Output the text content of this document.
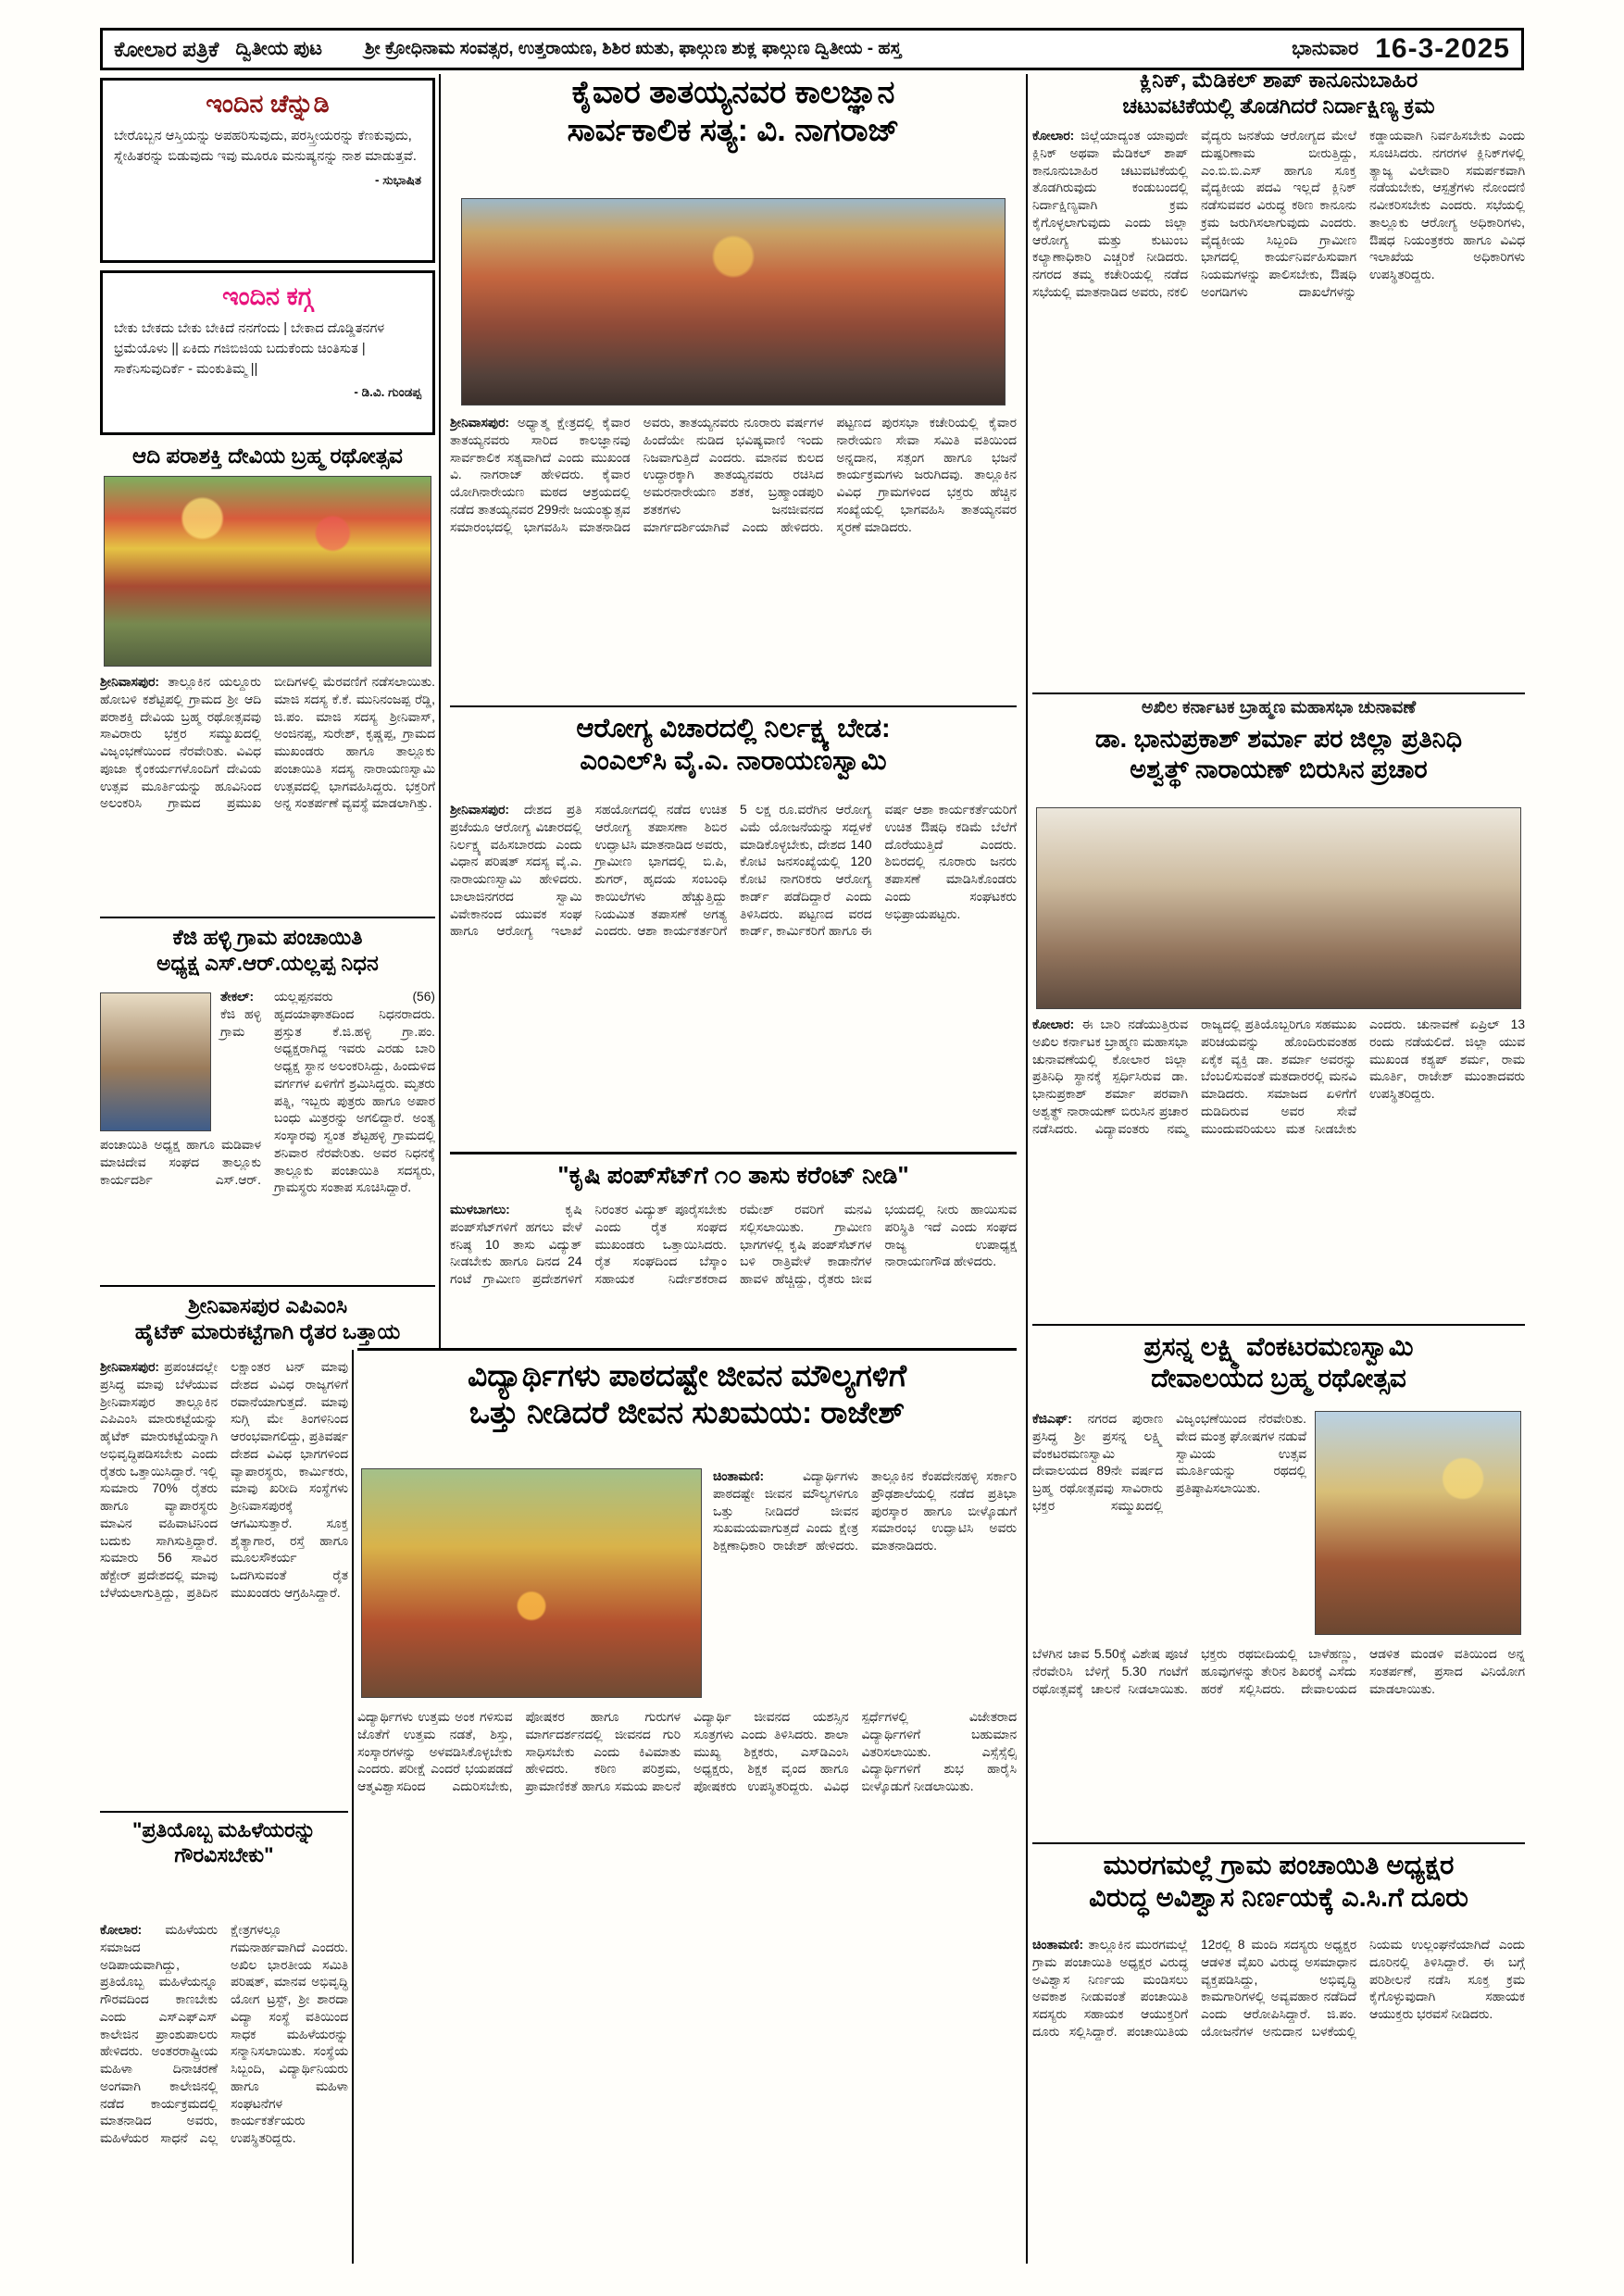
ಕೋಲಾರ ಪತ್ರಿಕೆ ದ್ವಿತೀಯ ಪುಟ	ಶ್ರೀ ಕ್ರೋಧಿನಾಮ ಸಂವತ್ಸರ, ಉತ್ತರಾಯಣ, ಶಿಶಿರ ಋತು, ಫಾಲ್ಗುಣ ಶುಕ್ಲ ಫಾಲ್ಗುಣ ದ್ವಿತೀಯ - ಹಸ್ತ	ಭಾನುವಾರ 16-3-2025
ಇಂದಿನ ಚೆನ್ನುಡಿ
ಬೇರೊಬ್ಬನ ಆಸ್ತಿಯನ್ನು ಅಪಹರಿಸುವುದು, ಪರಸ್ತ್ರೀಯರನ್ನು ಕೆಣಕುವುದು, ಸ್ನೇಹಿತರನ್ನು ಬಿಡುವುದು ಇವು ಮೂರೂ ಮನುಷ್ಯನನ್ನು ನಾಶ ಮಾಡುತ್ತವೆ.
- ಸುಭಾಷಿತ
ಇಂದಿನ ಕಗ್ಗ
ಬೇಕು ಬೇಕದು ಬೇಕು ಬೇಕಿದೆ ನನಗೆಂದು | ಬೇಕಾದ ದೊಡ್ಡಿತನಗಳ ಭ್ರಮೆಯೊಳು || ಏಕಿದು ಗಜಿಬಿಜಿಯ ಬದುಕೆಂದು ಚಿಂತಿಸುತ | ಸಾಕೆನಿಸುವುದಿರ್ಕೆ - ಮಂಕುತಿಮ್ಮ ||
- ಡಿ.ವಿ. ಗುಂಡಪ್ಪ
ಆದಿ ಪರಾಶಕ್ತಿ ದೇವಿಯ ಬ್ರಹ್ಮ ರಥೋತ್ಸವ
ಶ್ರೀನಿವಾಸಪುರ: ತಾಲ್ಲೂಕಿನ ಯಲ್ದೂರು ಹೋಬಳಿ ಕಶೆಟ್ಟಿಪಲ್ಲಿ ಗ್ರಾಮದ ಶ್ರೀ ಆದಿ ಪರಾಶಕ್ತಿ ದೇವಿಯ ಬ್ರಹ್ಮ ರಥೋತ್ಸವವು ಸಾವಿರಾರು ಭಕ್ತರ ಸಮ್ಮುಖದಲ್ಲಿ ವಿಜೃಂಭಣೆಯಿಂದ ನೆರವೇರಿತು. ವಿವಿಧ ಪೂಜಾ ಕೈಂಕರ್ಯಗಳೊಂದಿಗೆ ದೇವಿಯ ಉತ್ಸವ ಮೂರ್ತಿಯನ್ನು ಹೂವಿನಿಂದ ಅಲಂಕರಿಸಿ ಗ್ರಾಮದ ಪ್ರಮುಖ ಬೀದಿಗಳಲ್ಲಿ ಮೆರವಣಿಗೆ ನಡೆಸಲಾಯಿತು. ಮಾಜಿ ಸದಸ್ಯ ಕೆ.ಕೆ. ಮುನಿನಂಜಪ್ಪ ರೆಡ್ಡಿ, ಜಿ.ಪಂ. ಮಾಜಿ ಸದಸ್ಯ ಶ್ರೀನಿವಾಸ್, ಅಂಜಿನಪ್ಪ, ಸುರೇಶ್, ಕೃಷ್ಣಪ್ಪ, ಗ್ರಾಮದ ಮುಖಂಡರು ಹಾಗೂ ತಾಲ್ಲೂಕು ಪಂಚಾಯಿತಿ ಸದಸ್ಯ ನಾರಾಯಣಸ್ವಾಮಿ ಉತ್ಸವದಲ್ಲಿ ಭಾಗವಹಿಸಿದ್ದರು. ಭಕ್ತರಿಗೆ ಅನ್ನ ಸಂತರ್ಪಣೆ ವ್ಯವಸ್ಥೆ ಮಾಡಲಾಗಿತ್ತು.
ಕೆಜಿ ಹಳ್ಳಿ ಗ್ರಾಮ ಪಂಚಾಯಿತಿ
ಅಧ್ಯಕ್ಷ ಎಸ್.ಆರ್.ಯಲ್ಲಪ್ಪ ನಿಧನ
ತೇಕಲ್: ಕೆಜಿ ಹಳ್ಳಿ ಗ್ರಾಮ ಪಂಚಾಯಿತಿ ಅಧ್ಯಕ್ಷ ಹಾಗೂ ಮಡಿವಾಳ ಮಾಚಿದೇವ ಸಂಘದ ತಾಲ್ಲೂಕು ಕಾರ್ಯದರ್ಶಿ ಎಸ್.ಆರ್. ಯಲ್ಲಪ್ಪನವರು (56) ಹೃದಯಾಘಾತದಿಂದ ನಿಧನರಾದರು. ಪ್ರಸ್ತುತ ಕೆ.ಜಿ.ಹಳ್ಳಿ ಗ್ರಾ.ಪಂ. ಅಧ್ಯಕ್ಷರಾಗಿದ್ದ ಇವರು ಎರಡು ಬಾರಿ ಅಧ್ಯಕ್ಷ ಸ್ಥಾನ ಅಲಂಕರಿಸಿದ್ದು, ಹಿಂದುಳಿದ ವರ್ಗಗಳ ಏಳಿಗೆಗೆ ಶ್ರಮಿಸಿದ್ದರು. ಮೃತರು ಪತ್ನಿ, ಇಬ್ಬರು ಪುತ್ರರು ಹಾಗೂ ಅಪಾರ ಬಂಧು ಮಿತ್ರರನ್ನು ಅಗಲಿದ್ದಾರೆ. ಅಂತ್ಯ ಸಂಸ್ಕಾರವು ಸ್ವಂತ ಶೆಟ್ಟಹಳ್ಳಿ ಗ್ರಾಮದಲ್ಲಿ ಶನಿವಾರ ನೆರವೇರಿತು. ಅವರ ನಿಧನಕ್ಕೆ ತಾಲ್ಲೂಕು ಪಂಚಾಯಿತಿ ಸದಸ್ಯರು, ಗ್ರಾಮಸ್ಥರು ಸಂತಾಪ ಸೂಚಿಸಿದ್ದಾರೆ.
ಶ್ರೀನಿವಾಸಪುರ ಎಪಿಎಂಸಿ
ಹೈಟೆಕ್ ಮಾರುಕಟ್ಟೆಗಾಗಿ ರೈತರ ಒತ್ತಾಯ
ಶ್ರೀನಿವಾಸಪುರ: ಪ್ರಪಂಚದಲ್ಲೇ ಪ್ರಸಿದ್ಧ ಮಾವು ಬೆಳೆಯುವ ಶ್ರೀನಿವಾಸಪುರ ತಾಲ್ಲೂಕಿನ ಎಪಿಎಂಸಿ ಮಾರುಕಟ್ಟೆಯನ್ನು ಹೈಟೆಕ್ ಮಾರುಕಟ್ಟೆಯನ್ನಾಗಿ ಅಭಿವೃದ್ಧಿಪಡಿಸಬೇಕು ಎಂದು ರೈತರು ಒತ್ತಾಯಿಸಿದ್ದಾರೆ. ಇಲ್ಲಿ ಸುಮಾರು 70% ರೈತರು ಹಾಗೂ ವ್ಯಾಪಾರಸ್ಥರು ಮಾವಿನ ವಹಿವಾಟಿನಿಂದ ಬದುಕು ಸಾಗಿಸುತ್ತಿದ್ದಾರೆ. ಸುಮಾರು 56 ಸಾವಿರ ಹೆಕ್ಟೇರ್ ಪ್ರದೇಶದಲ್ಲಿ ಮಾವು ಬೆಳೆಯಲಾಗುತ್ತಿದ್ದು, ಪ್ರತಿದಿನ ಲಕ್ಷಾಂತರ ಟನ್ ಮಾವು ದೇಶದ ವಿವಿಧ ರಾಜ್ಯಗಳಿಗೆ ರವಾನೆಯಾಗುತ್ತದೆ. ಮಾವು ಸುಗ್ಗಿ ಮೇ ತಿಂಗಳಿನಿಂದ ಆರಂಭವಾಗಲಿದ್ದು, ಪ್ರತಿವರ್ಷ ದೇಶದ ವಿವಿಧ ಭಾಗಗಳಿಂದ ವ್ಯಾಪಾರಸ್ಥರು, ಕಾರ್ಮಿಕರು, ಮಾವು ಖರೀದಿ ಸಂಸ್ಥೆಗಳು ಶ್ರೀನಿವಾಸಪುರಕ್ಕೆ ಆಗಮಿಸುತ್ತಾರೆ. ಸೂಕ್ತ ಶೈತ್ಯಾಗಾರ, ರಸ್ತೆ ಹಾಗೂ ಮೂಲಸೌಕರ್ಯ ಒದಗಿಸುವಂತೆ ರೈತ ಮುಖಂಡರು ಆಗ್ರಹಿಸಿದ್ದಾರೆ.
"ಪ್ರತಿಯೊಬ್ಬ ಮಹಿಳೆಯರನ್ನು ಗೌರವಿಸಬೇಕು"
ಕೋಲಾರ: ಮಹಿಳೆಯರು ಸಮಾಜದ ಅಡಿಪಾಯವಾಗಿದ್ದು, ಪ್ರತಿಯೊಬ್ಬ ಮಹಿಳೆಯನ್ನೂ ಗೌರವದಿಂದ ಕಾಣಬೇಕು ಎಂದು ಎಸ್‌ಎಫ್‌ಎಸ್ ಕಾಲೇಜಿನ ಪ್ರಾಂಶುಪಾಲರು ಹೇಳಿದರು. ಅಂತರರಾಷ್ಟ್ರೀಯ ಮಹಿಳಾ ದಿನಾಚರಣೆ ಅಂಗವಾಗಿ ಕಾಲೇಜಿನಲ್ಲಿ ನಡೆದ ಕಾರ್ಯಕ್ರಮದಲ್ಲಿ ಮಾತನಾಡಿದ ಅವರು, ಮಹಿಳೆಯರ ಸಾಧನೆ ಎಲ್ಲ ಕ್ಷೇತ್ರಗಳಲ್ಲೂ ಗಮನಾರ್ಹವಾಗಿದೆ ಎಂದರು. ಅಖಿಲ ಭಾರತೀಯ ಸಮಿತಿ ಪರಿಷತ್, ಮಾನವ ಅಭಿವೃದ್ಧಿ ಯೋಗ ಟ್ರಸ್ಟ್, ಶ್ರೀ ಶಾರದಾ ವಿದ್ಯಾ ಸಂಸ್ಥೆ ವತಿಯಿಂದ ಸಾಧಕ ಮಹಿಳೆಯರನ್ನು ಸನ್ಮಾನಿಸಲಾಯಿತು. ಸಂಸ್ಥೆಯ ಸಿಬ್ಬಂದಿ, ವಿದ್ಯಾರ್ಥಿನಿಯರು ಹಾಗೂ ಮಹಿಳಾ ಸಂಘಟನೆಗಳ ಕಾರ್ಯಕರ್ತೆಯರು ಉಪಸ್ಥಿತರಿದ್ದರು.
ಕೈವಾರ ತಾತಯ್ಯನವರ ಕಾಲಜ್ಞಾನ
ಸಾರ್ವಕಾಲಿಕ ಸತ್ಯ: ವಿ. ನಾಗರಾಜ್
ಶ್ರೀನಿವಾಸಪುರ: ಅಧ್ಯಾತ್ಮ ಕ್ಷೇತ್ರದಲ್ಲಿ ಕೈವಾರ ತಾತಯ್ಯನವರು ಸಾರಿದ ಕಾಲಜ್ಞಾನವು ಸಾರ್ವಕಾಲಿಕ ಸತ್ಯವಾಗಿದೆ ಎಂದು ಮುಖಂಡ ವಿ. ನಾಗರಾಜ್ ಹೇಳಿದರು. ಕೈವಾರ ಯೋಗಿನಾರೇಯಣ ಮಠದ ಆಶ್ರಯದಲ್ಲಿ ನಡೆದ ತಾತಯ್ಯನವರ 299ನೇ ಜಯಂತ್ಯುತ್ಸವ ಸಮಾರಂಭದಲ್ಲಿ ಭಾಗವಹಿಸಿ ಮಾತನಾಡಿದ ಅವರು, ತಾತಯ್ಯನವರು ನೂರಾರು ವರ್ಷಗಳ ಹಿಂದೆಯೇ ನುಡಿದ ಭವಿಷ್ಯವಾಣಿ ಇಂದು ನಿಜವಾಗುತ್ತಿದೆ ಎಂದರು. ಮಾನವ ಕುಲದ ಉದ್ಧಾರಕ್ಕಾಗಿ ತಾತಯ್ಯನವರು ರಚಿಸಿದ ಅಮರನಾರೇಯಣ ಶತಕ, ಬ್ರಹ್ಮಾಂಡಪುರಿ ಶತಕಗಳು ಜನಜೀವನದ ಮಾರ್ಗದರ್ಶಿಯಾಗಿವೆ ಎಂದು ಹೇಳಿದರು. ಪಟ್ಟಣದ ಪುರಸಭಾ ಕಚೇರಿಯಲ್ಲಿ ಕೈವಾರ ನಾರೇಯಣ ಸೇವಾ ಸಮಿತಿ ವತಿಯಿಂದ ಅನ್ನದಾನ, ಸತ್ಸಂಗ ಹಾಗೂ ಭಜನೆ ಕಾರ್ಯಕ್ರಮಗಳು ಜರುಗಿದವು. ತಾಲ್ಲೂಕಿನ ವಿವಿಧ ಗ್ರಾಮಗಳಿಂದ ಭಕ್ತರು ಹೆಚ್ಚಿನ ಸಂಖ್ಯೆಯಲ್ಲಿ ಭಾಗವಹಿಸಿ ತಾತಯ್ಯನವರ ಸ್ಮರಣೆ ಮಾಡಿದರು.
ಆರೋಗ್ಯ ವಿಚಾರದಲ್ಲಿ ನಿರ್ಲಕ್ಷ್ಯ ಬೇಡ:
ಎಂಎಲ್‌ಸಿ ವೈ.ಎ. ನಾರಾಯಣಸ್ವಾಮಿ
ಶ್ರೀನಿವಾಸಪುರ: ದೇಶದ ಪ್ರತಿ ಪ್ರಜೆಯೂ ಆರೋಗ್ಯ ವಿಚಾರದಲ್ಲಿ ನಿರ್ಲಕ್ಷ್ಯ ವಹಿಸಬಾರದು ಎಂದು ವಿಧಾನ ಪರಿಷತ್ ಸದಸ್ಯ ವೈ.ಎ. ನಾರಾಯಣಸ್ವಾಮಿ ಹೇಳಿದರು. ಬಾಲಾಜಿನಗರದ ಸ್ವಾಮಿ ವಿವೇಕಾನಂದ ಯುವಕ ಸಂಘ ಹಾಗೂ ಆರೋಗ್ಯ ಇಲಾಖೆ ಸಹಯೋಗದಲ್ಲಿ ನಡೆದ ಉಚಿತ ಆರೋಗ್ಯ ತಪಾಸಣಾ ಶಿಬಿರ ಉದ್ಘಾಟಿಸಿ ಮಾತನಾಡಿದ ಅವರು, ಗ್ರಾಮೀಣ ಭಾಗದಲ್ಲಿ ಬಿ.ಪಿ, ಶುಗರ್, ಹೃದಯ ಸಂಬಂಧಿ ಕಾಯಿಲೆಗಳು ಹೆಚ್ಚುತ್ತಿದ್ದು ನಿಯಮಿತ ತಪಾಸಣೆ ಅಗತ್ಯ ಎಂದರು. ಆಶಾ ಕಾರ್ಯಕರ್ತರಿಗೆ 5 ಲಕ್ಷ ರೂ.ವರೆಗಿನ ಆರೋಗ್ಯ ವಿಮೆ ಯೋಜನೆಯನ್ನು ಸದ್ಬಳಕೆ ಮಾಡಿಕೊಳ್ಳಬೇಕು, ದೇಶದ 140 ಕೋಟಿ ಜನಸಂಖ್ಯೆಯಲ್ಲಿ 120 ಕೋಟಿ ನಾಗರಿಕರು ಆರೋಗ್ಯ ಕಾರ್ಡ್ ಪಡೆದಿದ್ದಾರೆ ಎಂದು ತಿಳಿಸಿದರು. ಪಟ್ಟಣದ ವರದ ಕಾರ್ಡ್, ಕಾರ್ಮಿಕರಿಗೆ ಹಾಗೂ ಈ ವರ್ಷ ಆಶಾ ಕಾರ್ಯಕರ್ತೆಯರಿಗೆ ಉಚಿತ ಔಷಧಿ ಕಡಿಮೆ ಬೆಲೆಗೆ ದೊರೆಯುತ್ತಿದೆ ಎಂದರು. ಶಿಬಿರದಲ್ಲಿ ನೂರಾರು ಜನರು ತಪಾಸಣೆ ಮಾಡಿಸಿಕೊಂಡರು ಎಂದು ಸಂಘಟಕರು ಅಭಿಪ್ರಾಯಪಟ್ಟರು.
"ಕೃಷಿ ಪಂಪ್‌ಸೆಟ್‌ಗೆ ೧೦ ತಾಸು ಕರೆಂಟ್ ನೀಡಿ"
ಮುಳಬಾಗಲು:	ಕೃಷಿ ಪಂಪ್‌ಸೆಟ್‌ಗಳಿಗೆ ಹಗಲು ವೇಳೆ ಕನಿಷ್ಠ 10 ತಾಸು ವಿದ್ಯುತ್ ನೀಡಬೇಕು ಹಾಗೂ ದಿನದ 24 ಗಂಟೆ ಗ್ರಾಮೀಣ ಪ್ರದೇಶಗಳಿಗೆ ನಿರಂತರ ವಿದ್ಯುತ್ ಪೂರೈಸಬೇಕು ಎಂದು ರೈತ ಸಂಘದ ಮುಖಂಡರು ಒತ್ತಾಯಿಸಿದರು. ರೈತ ಸಂಘದಿಂದ ಬೆಸ್ಕಾಂ ಸಹಾಯಕ ನಿರ್ದೇಶಕರಾದ ರಮೇಶ್ ರವರಿಗೆ ಮನವಿ ಸಲ್ಲಿಸಲಾಯಿತು. ಗ್ರಾಮೀಣ ಭಾಗಗಳಲ್ಲಿ ಕೃಷಿ ಪಂಪ್‌ಸೆಟ್‌ಗಳ ಬಳಿ ರಾತ್ರಿವೇಳೆ ಕಾಡಾನೆಗಳ ಹಾವಳಿ ಹೆಚ್ಚಿದ್ದು, ರೈತರು ಜೀವ ಭಯದಲ್ಲಿ ನೀರು ಹಾಯಿಸುವ ಪರಿಸ್ಥಿತಿ ಇದೆ ಎಂದು ಸಂಘದ ರಾಜ್ಯ ಉಪಾಧ್ಯಕ್ಷ ನಾರಾಯಣಗೌಡ ಹೇಳಿದರು.
ವಿದ್ಯಾರ್ಥಿಗಳು ಪಾಠದಷ್ಟೇ ಜೀವನ ಮೌಲ್ಯಗಳಿಗೆ
ಒತ್ತು ನೀಡಿದರೆ ಜೀವನ ಸುಖಮಯ: ರಾಜೇಶ್
ಚಿಂತಾಮಣಿ:	ವಿದ್ಯಾರ್ಥಿಗಳು ಪಾಠದಷ್ಟೇ ಜೀವನ ಮೌಲ್ಯಗಳಿಗೂ ಒತ್ತು ನೀಡಿದರೆ ಜೀವನ ಸುಖಮಯವಾಗುತ್ತದೆ ಎಂದು ಕ್ಷೇತ್ರ ಶಿಕ್ಷಣಾಧಿಕಾರಿ ರಾಜೇಶ್ ಹೇಳಿದರು. ತಾಲ್ಲೂಕಿನ ಕೆಂಪದೇನಹಳ್ಳಿ ಸರ್ಕಾರಿ ಪ್ರೌಢಶಾಲೆಯಲ್ಲಿ ನಡೆದ ಪ್ರತಿಭಾ ಪುರಸ್ಕಾರ ಹಾಗೂ ಬೀಳ್ಕೊಡುಗೆ ಸಮಾರಂಭ ಉದ್ಘಾಟಿಸಿ ಅವರು ಮಾತನಾಡಿದರು.
ವಿದ್ಯಾರ್ಥಿಗಳು ಉತ್ತಮ ಅಂಕ ಗಳಿಸುವ ಜೊತೆಗೆ ಉತ್ತಮ ನಡತೆ, ಶಿಸ್ತು, ಸಂಸ್ಕಾರಗಳನ್ನು ಅಳವಡಿಸಿಕೊಳ್ಳಬೇಕು ಎಂದರು. ಪರೀಕ್ಷೆ ಎಂದರೆ ಭಯಪಡದೆ ಆತ್ಮವಿಶ್ವಾಸದಿಂದ ಎದುರಿಸಬೇಕು, ಪೋಷಕರ ಹಾಗೂ ಗುರುಗಳ ಮಾರ್ಗದರ್ಶನದಲ್ಲಿ ಜೀವನದ ಗುರಿ ಸಾಧಿಸಬೇಕು ಎಂದು ಕಿವಿಮಾತು ಹೇಳಿದರು. ಕಠಿಣ ಪರಿಶ್ರಮ, ಪ್ರಾಮಾಣಿಕತೆ ಹಾಗೂ ಸಮಯ ಪಾಲನೆ ವಿದ್ಯಾರ್ಥಿ ಜೀವನದ ಯಶಸ್ಸಿನ ಸೂತ್ರಗಳು ಎಂದು ತಿಳಿಸಿದರು. ಶಾಲಾ ಮುಖ್ಯ ಶಿಕ್ಷಕರು, ಎಸ್‌ಡಿಎಂಸಿ ಅಧ್ಯಕ್ಷರು, ಶಿಕ್ಷಕ ವೃಂದ ಹಾಗೂ ಪೋಷಕರು ಉಪಸ್ಥಿತರಿದ್ದರು. ವಿವಿಧ ಸ್ಪರ್ಧೆಗಳಲ್ಲಿ ವಿಜೇತರಾದ ವಿದ್ಯಾರ್ಥಿಗಳಿಗೆ ಬಹುಮಾನ ವಿತರಿಸಲಾಯಿತು. ಎಸ್ಸೆಸ್ಸೆಲ್ಸಿ ವಿದ್ಯಾರ್ಥಿಗಳಿಗೆ ಶುಭ ಹಾರೈಸಿ ಬೀಳ್ಕೊಡುಗೆ ನೀಡಲಾಯಿತು.
ಕ್ಲಿನಿಕ್, ಮೆಡಿಕಲ್ ಶಾಪ್ ಕಾನೂನುಬಾಹಿರ
ಚಟುವಟಿಕೆಯಲ್ಲಿ ತೊಡಗಿದರೆ ನಿರ್ದಾಕ್ಷಿಣ್ಯ ಕ್ರಮ
ಕೋಲಾರ: ಜಿಲ್ಲೆಯಾದ್ಯಂತ ಯಾವುದೇ ಕ್ಲಿನಿಕ್ ಅಥವಾ ಮೆಡಿಕಲ್ ಶಾಪ್ ಕಾನೂನುಬಾಹಿರ ಚಟುವಟಿಕೆಯಲ್ಲಿ ತೊಡಗಿರುವುದು ಕಂಡುಬಂದಲ್ಲಿ ನಿರ್ದಾಕ್ಷಿಣ್ಯವಾಗಿ ಕ್ರಮ ಕೈಗೊಳ್ಳಲಾಗುವುದು ಎಂದು ಜಿಲ್ಲಾ ಆರೋಗ್ಯ ಮತ್ತು ಕುಟುಂಬ ಕಲ್ಯಾಣಾಧಿಕಾರಿ ಎಚ್ಚರಿಕೆ ನೀಡಿದರು. ನಗರದ ತಮ್ಮ ಕಚೇರಿಯಲ್ಲಿ ನಡೆದ ಸಭೆಯಲ್ಲಿ ಮಾತನಾಡಿದ ಅವರು, ನಕಲಿ ವೈದ್ಯರು ಜನತೆಯ ಆರೋಗ್ಯದ ಮೇಲೆ ದುಷ್ಪರಿಣಾಮ ಬೀರುತ್ತಿದ್ದು, ಎಂ.ಬಿ.ಬಿ.ಎಸ್ ಹಾಗೂ ಸೂಕ್ತ ವೈದ್ಯಕೀಯ ಪದವಿ ಇಲ್ಲದೆ ಕ್ಲಿನಿಕ್ ನಡೆಸುವವರ ವಿರುದ್ಧ ಕಠಿಣ ಕಾನೂನು ಕ್ರಮ ಜರುಗಿಸಲಾಗುವುದು ಎಂದರು. ವೈದ್ಯಕೀಯ ಸಿಬ್ಬಂದಿ ಗ್ರಾಮೀಣ ಭಾಗದಲ್ಲಿ ಕಾರ್ಯನಿರ್ವಹಿಸುವಾಗ ನಿಯಮಗಳನ್ನು ಪಾಲಿಸಬೇಕು, ಔಷಧಿ ಅಂಗಡಿಗಳು ದಾಖಲೆಗಳನ್ನು ಕಡ್ಡಾಯವಾಗಿ ನಿರ್ವಹಿಸಬೇಕು ಎಂದು ಸೂಚಿಸಿದರು. ನಗರಗಳ ಕ್ಲಿನಿಕ್‌ಗಳಲ್ಲಿ ತ್ಯಾಜ್ಯ ವಿಲೇವಾರಿ ಸಮರ್ಪಕವಾಗಿ ನಡೆಯಬೇಕು, ಆಸ್ಪತ್ರೆಗಳು ನೋಂದಣಿ ನವೀಕರಿಸಬೇಕು ಎಂದರು. ಸಭೆಯಲ್ಲಿ ತಾಲ್ಲೂಕು ಆರೋಗ್ಯ ಅಧಿಕಾರಿಗಳು, ಔಷಧ ನಿಯಂತ್ರಕರು ಹಾಗೂ ವಿವಿಧ ಇಲಾಖೆಯ ಅಧಿಕಾರಿಗಳು ಉಪಸ್ಥಿತರಿದ್ದರು.
ಅಖಿಲ ಕರ್ನಾಟಕ ಬ್ರಾಹ್ಮಣ ಮಹಾಸಭಾ ಚುನಾವಣೆ
ಡಾ. ಭಾನುಪ್ರಕಾಶ್ ಶರ್ಮಾ ಪರ ಜಿಲ್ಲಾ ಪ್ರತಿನಿಧಿ
ಅಶ್ವತ್ಥ್ ನಾರಾಯಣ್ ಬಿರುಸಿನ ಪ್ರಚಾರ
ಕೋಲಾರ: ಈ ಬಾರಿ ನಡೆಯುತ್ತಿರುವ ಅಖಿಲ ಕರ್ನಾಟಕ ಬ್ರಾಹ್ಮಣ ಮಹಾಸಭಾ ಚುನಾವಣೆಯಲ್ಲಿ ಕೋಲಾರ ಜಿಲ್ಲಾ ಪ್ರತಿನಿಧಿ ಸ್ಥಾನಕ್ಕೆ ಸ್ಪರ್ಧಿಸಿರುವ ಡಾ. ಭಾನುಪ್ರಕಾಶ್ ಶರ್ಮಾ ಪರವಾಗಿ ಅಶ್ವತ್ಥ್ ನಾರಾಯಣ್ ಬಿರುಸಿನ ಪ್ರಚಾರ ನಡೆಸಿದರು. ವಿದ್ಯಾವಂತರು ನಮ್ಮ ರಾಜ್ಯದಲ್ಲಿ ಪ್ರತಿಯೊಬ್ಬರಿಗೂ ಸಹಮುಖ ಪರಿಚಯವನ್ನು ಹೊಂದಿರುವಂತಹ ಏಕೈಕ ವ್ಯಕ್ತಿ ಡಾ. ಶರ್ಮಾ ಅವರನ್ನು ಬೆಂಬಲಿಸುವಂತೆ ಮತದಾರರಲ್ಲಿ ಮನವಿ ಮಾಡಿದರು. ಸಮಾಜದ ಏಳಿಗೆಗೆ ದುಡಿದಿರುವ ಅವರ ಸೇವೆ ಮುಂದುವರಿಯಲು ಮತ ನೀಡಬೇಕು ಎಂದರು. ಚುನಾವಣೆ ಏಪ್ರಿಲ್ 13 ರಂದು ನಡೆಯಲಿದೆ. ಜಿಲ್ಲಾ ಯುವ ಮುಖಂಡ ಕಶ್ಯಪ್ ಶರ್ಮ, ರಾಮ ಮೂರ್ತಿ, ರಾಜೇಶ್ ಮುಂತಾದವರು ಉಪಸ್ಥಿತರಿದ್ದರು.
ಪ್ರಸನ್ನ ಲಕ್ಷ್ಮಿ ವೆಂಕಟರಮಣಸ್ವಾಮಿ
ದೇವಾಲಯದ ಬ್ರಹ್ಮ ರಥೋತ್ಸವ
ಕೆಜಿಎಫ್: ನಗರದ ಪುರಾಣ ಪ್ರಸಿದ್ಧ ಶ್ರೀ ಪ್ರಸನ್ನ ಲಕ್ಷ್ಮಿ ವೆಂಕಟರಮಣಸ್ವಾಮಿ ದೇವಾಲಯದ 89ನೇ ವರ್ಷದ ಬ್ರಹ್ಮ ರಥೋತ್ಸವವು ಸಾವಿರಾರು ಭಕ್ತರ ಸಮ್ಮುಖದಲ್ಲಿ ವಿಜೃಂಭಣೆಯಿಂದ ನೆರವೇರಿತು. ವೇದ ಮಂತ್ರ ಘೋಷಗಳ ನಡುವೆ ಸ್ವಾಮಿಯ ಉತ್ಸವ ಮೂರ್ತಿಯನ್ನು ರಥದಲ್ಲಿ ಪ್ರತಿಷ್ಠಾಪಿಸಲಾಯಿತು.
ಬೆಳಗಿನ ಜಾವ 5.50ಕ್ಕೆ ವಿಶೇಷ ಪೂಜೆ ನೆರವೇರಿಸಿ ಬೆಳಿಗ್ಗೆ 5.30 ಗಂಟೆಗೆ ರಥೋತ್ಸವಕ್ಕೆ ಚಾಲನೆ ನೀಡಲಾಯಿತು. ಭಕ್ತರು ರಥಬೀದಿಯಲ್ಲಿ ಬಾಳೆಹಣ್ಣು, ಹೂವುಗಳನ್ನು ತೇರಿನ ಶಿಖರಕ್ಕೆ ಎಸೆದು ಹರಕೆ ಸಲ್ಲಿಸಿದರು. ದೇವಾಲಯದ ಆಡಳಿತ ಮಂಡಳಿ ವತಿಯಿಂದ ಅನ್ನ ಸಂತರ್ಪಣೆ, ಪ್ರಸಾದ ವಿನಿಯೋಗ ಮಾಡಲಾಯಿತು.
ಮುರಗಮಲ್ಲೆ ಗ್ರಾಮ ಪಂಚಾಯಿತಿ ಅಧ್ಯಕ್ಷರ
ವಿರುದ್ಧ ಅವಿಶ್ವಾಸ ನಿರ್ಣಯಕ್ಕೆ ಎ.ಸಿ.ಗೆ ದೂರು
ಚಿಂತಾಮಣಿ: ತಾಲ್ಲೂಕಿನ ಮುರಗಮಲ್ಲೆ ಗ್ರಾಮ ಪಂಚಾಯಿತಿ ಅಧ್ಯಕ್ಷರ ವಿರುದ್ಧ ಅವಿಶ್ವಾಸ ನಿರ್ಣಯ ಮಂಡಿಸಲು ಅವಕಾಶ ನೀಡುವಂತೆ ಪಂಚಾಯಿತಿ ಸದಸ್ಯರು ಸಹಾಯಕ ಆಯುಕ್ತರಿಗೆ ದೂರು ಸಲ್ಲಿಸಿದ್ದಾರೆ. ಪಂಚಾಯಿತಿಯ 12ರಲ್ಲಿ 8 ಮಂದಿ ಸದಸ್ಯರು ಅಧ್ಯಕ್ಷರ ಆಡಳಿತ ವೈಖರಿ ವಿರುದ್ಧ ಅಸಮಾಧಾನ ವ್ಯಕ್ತಪಡಿಸಿದ್ದು, ಅಭಿವೃದ್ಧಿ ಕಾಮಗಾರಿಗಳಲ್ಲಿ ಅವ್ಯವಹಾರ ನಡೆದಿದೆ ಎಂದು ಆರೋಪಿಸಿದ್ದಾರೆ. ಜಿ.ಪಂ. ಯೋಜನೆಗಳ ಅನುದಾನ ಬಳಕೆಯಲ್ಲಿ ನಿಯಮ ಉಲ್ಲಂಘನೆಯಾಗಿದೆ ಎಂದು ದೂರಿನಲ್ಲಿ ತಿಳಿಸಿದ್ದಾರೆ. ಈ ಬಗ್ಗೆ ಪರಿಶೀಲನೆ ನಡೆಸಿ ಸೂಕ್ತ ಕ್ರಮ ಕೈಗೊಳ್ಳುವುದಾಗಿ ಸಹಾಯಕ ಆಯುಕ್ತರು ಭರವಸೆ ನೀಡಿದರು.
